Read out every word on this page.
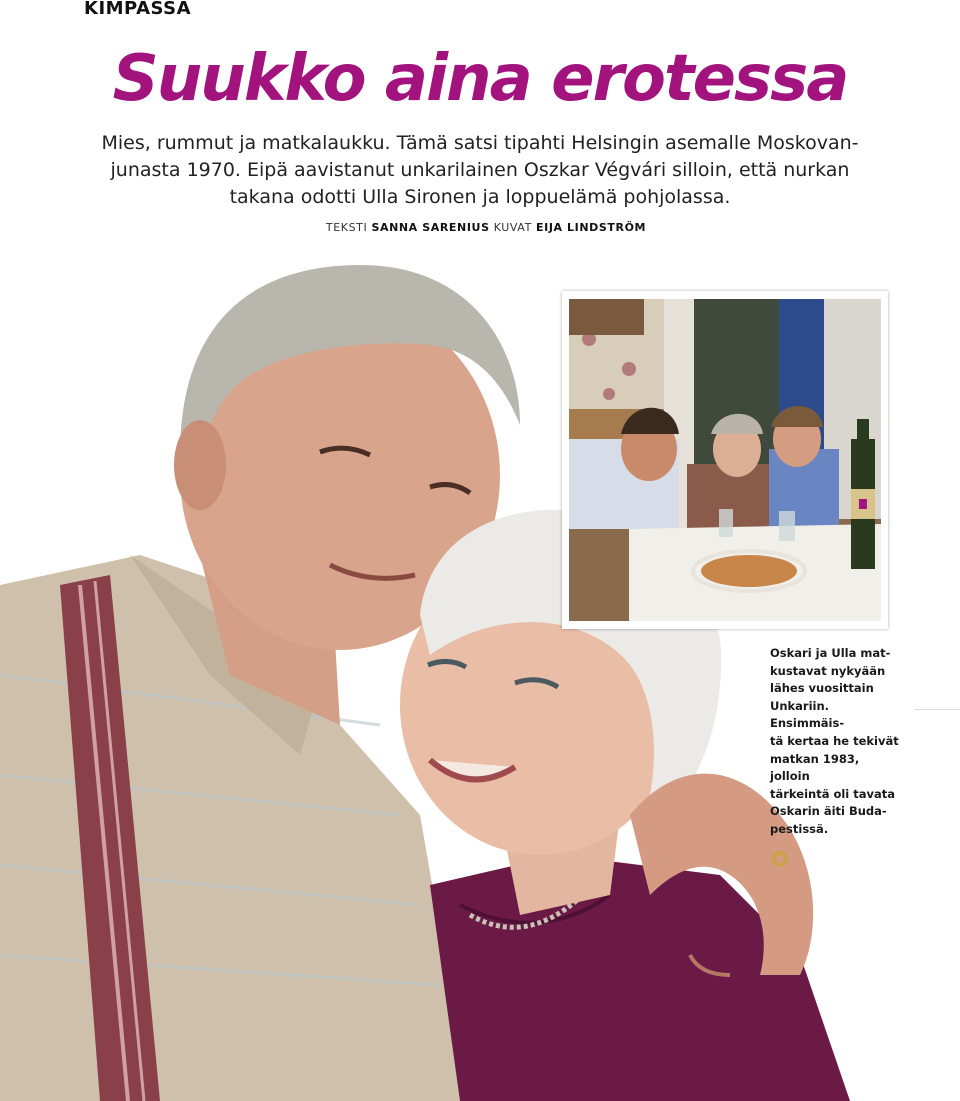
KIMPASSA
Suukko aina erotessa

Mies, rummut ja matkalaukku. Tämä satsi tipahti Helsingin asemalle Moskovan-
junasta 1970. Eipä aavistanut unkarilainen Oszkar Végvári silloin, että nurkan
takana odotti Ulla Sironen ja loppuelämä pohjolassa.

TEKSTI SANNA SARENIUS KUVAT EIJA LINDSTRÖM

Oskari ja Ulla mat-
kustavat nykyään
lähes vuosittain
Unkariin. Ensimmäis-
tä kertaa he tekivät
matkan 1983, jolloin
tärkeintä oli tavata
Oskarin äiti Buda-
pestissä.
